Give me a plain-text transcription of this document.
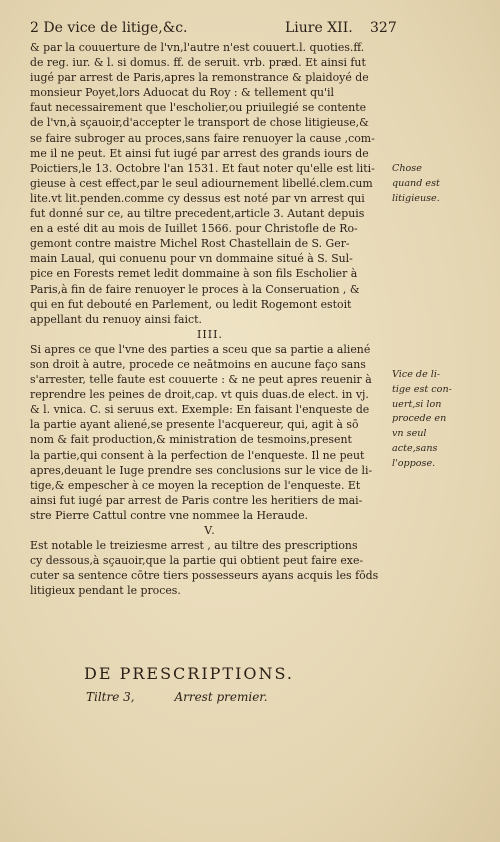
2 De vice de litige,&c.	Liure XII. 327

& par la couuerture de l'vn,l'autre n'est couuert.l. quoties.ff.

de reg. iur. & l. si domus. ff. de seruit. vrb. præd. Et ainsi fut

iugé par arrest de Paris,apres la remonstrance & plaidoyé de

monsieur Poyet,lors Aduocat du Roy : & tellement qu'il

faut necessairement que l'escholier,ou priuilegié se contente

de l'vn,à sçauoir,d'accepter le transport de chose litigieuse,&

se faire subroger au proces,sans faire renuoyer la cause ,com-

me il ne peut. Et ainsi fut iugé par arrest des grands iours de

Poictiers,le 13. Octobre l'an 1531. Et faut noter qu'elle est liti-

gieuse à cest effect,par le seul adiournement libellé.clem.cum

lite.vt lit.penden.comme cy dessus est noté par vn arrest qui

fut donné sur ce, au tiltre precedent,article 3. Autant depuis

en a esté dit au mois de Iuillet 1566. pour Christofle de Ro-

gemont contre maistre Michel Rost Chastellain de S. Ger-

main Laual, qui conuenu pour vn dommaine situé à S. Sul-

pice en Forests remet ledit dommaine à son fils Escholier à

Paris,à fin de faire renuoyer le proces à la Conseruation , &

qui en fut debouté en Parlement, ou ledit Rogemont estoit

appellant du renuoy ainsi faict.

IIII.

Si apres ce que l'vne des parties a sceu que sa partie a aliené

son droit à autre, procede ce neātmoins en aucune faço sans

s'arrester, telle faute est couuerte : & ne peut apres reuenir à

reprendre les peines de droit,cap. vt quis duas.de elect. in vj.

& l. vnica. C. si seruus ext. Exemple: En faisant l'enqueste de

la partie ayant aliené,se presente l'acquereur, qui, agit à sō

nom & fait production,& ministration de tesmoins,present

la partie,qui consent à la perfection de l'enqueste. Il ne peut

apres,deuant le Iuge prendre ses conclusions sur le vice de li-

tige,& empescher à ce moyen la reception de l'enqueste. Et

ainsi fut iugé par arrest de Paris contre les heritiers de mai-

stre Pierre Cattul contre vne nommee la Heraude.

V.

Est notable le treiziesme arrest , au tiltre des prescriptions

cy dessous,à sçauoir,que la partie qui obtient peut faire exe-

cuter sa sentence cōtre tiers possesseurs ayans acquis les fōds

litigieux pendant le proces.

Chose
quand est
litigieuse.
Vice de li-
tige est con-
uert,si lon
procede en
vn seul
acte,sans
l'oppose.
DE PRESCRIPTIONS.
Tiltre 3,	Arrest premier.
